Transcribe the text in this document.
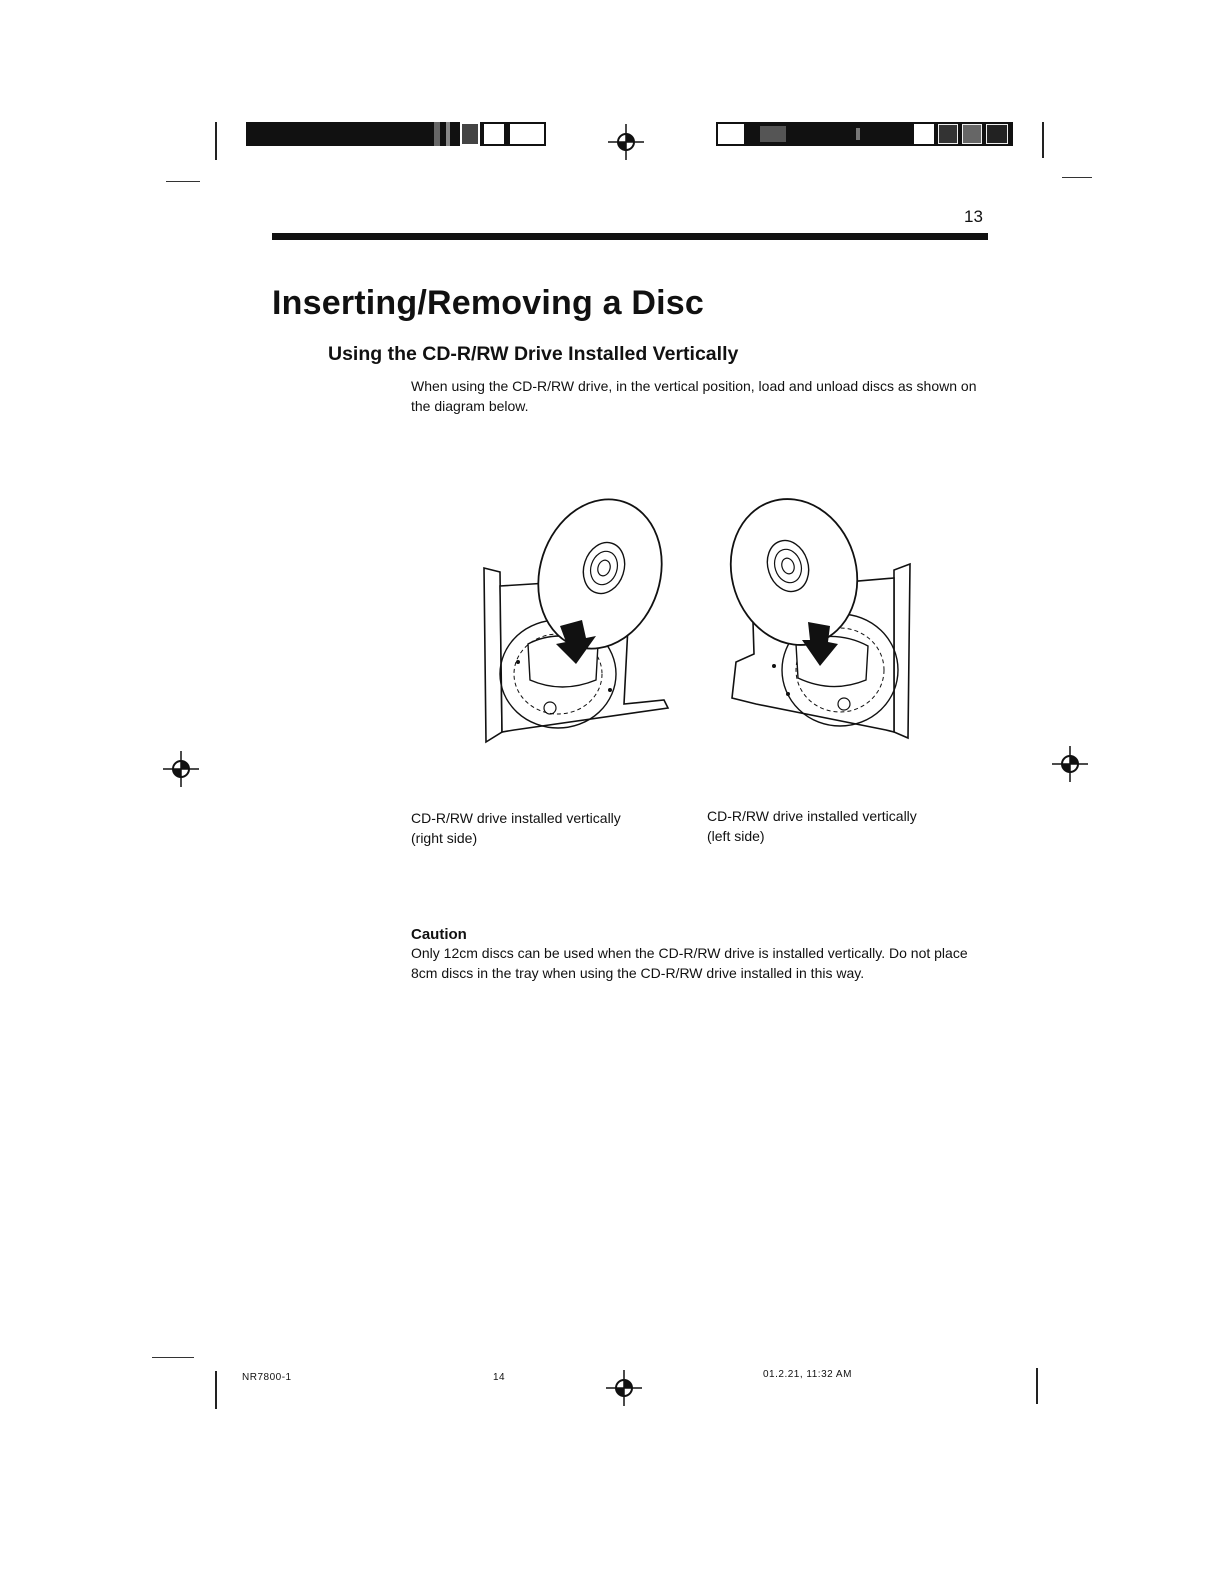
13
Inserting/Removing a Disc
Using the CD-R/RW Drive Installed Vertically
When using the CD-R/RW drive, in the vertical position, load and unload discs as shown on the diagram below.
CD-R/RW drive installed vertically
(right side)
CD-R/RW drive installed vertically
(left side)
Caution
Only 12cm discs can be used when the CD-R/RW drive is installed vertically. Do not place 8cm discs in the tray when using the CD-R/RW drive installed in this way.
NR7800-1	14	01.2.21, 11:32 AM
